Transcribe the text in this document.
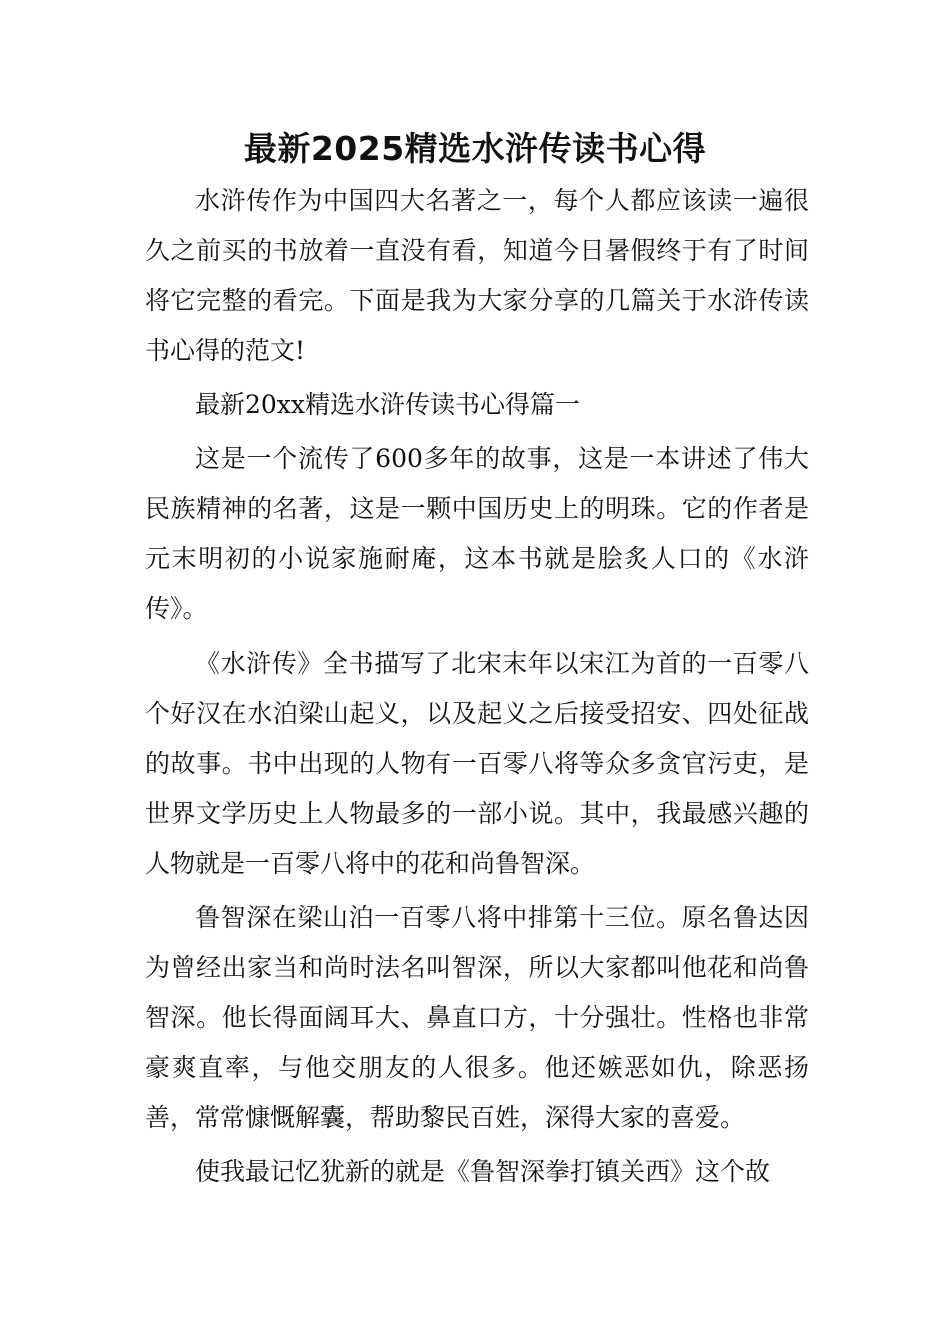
最新2025精选水浒传读书心得

水浒传作为中国四大名著之一，每个人都应该读一遍很久之前买的书放着一直没有看，知道今日暑假终于有了时间将它完整的看完。下面是我为大家分享的几篇关于水浒传读书心得的范文!

最新20xx精选水浒传读书心得篇一

这是一个流传了600多年的故事，这是一本讲述了伟大民族精神的名著，这是一颗中国历史上的明珠。它的作者是元末明初的小说家施耐庵，这本书就是脍炙人口的《水浒传》。

《水浒传》全书描写了北宋末年以宋江为首的一百零八个好汉在水泊梁山起义，以及起义之后接受招安、四处征战的故事。书中出现的人物有一百零八将等众多贪官污吏，是世界文学历史上人物最多的一部小说。其中，我最感兴趣的人物就是一百零八将中的花和尚鲁智深。

鲁智深在梁山泊一百零八将中排第十三位。原名鲁达因为曾经出家当和尚时法名叫智深，所以大家都叫他花和尚鲁智深。他长得面阔耳大、鼻直口方，十分强壮。性格也非常豪爽直率，与他交朋友的人很多。他还嫉恶如仇，除恶扬善，常常慷慨解囊，帮助黎民百姓，深得大家的喜爱。

使我最记忆犹新的就是《鲁智深拳打镇关西》这个故
